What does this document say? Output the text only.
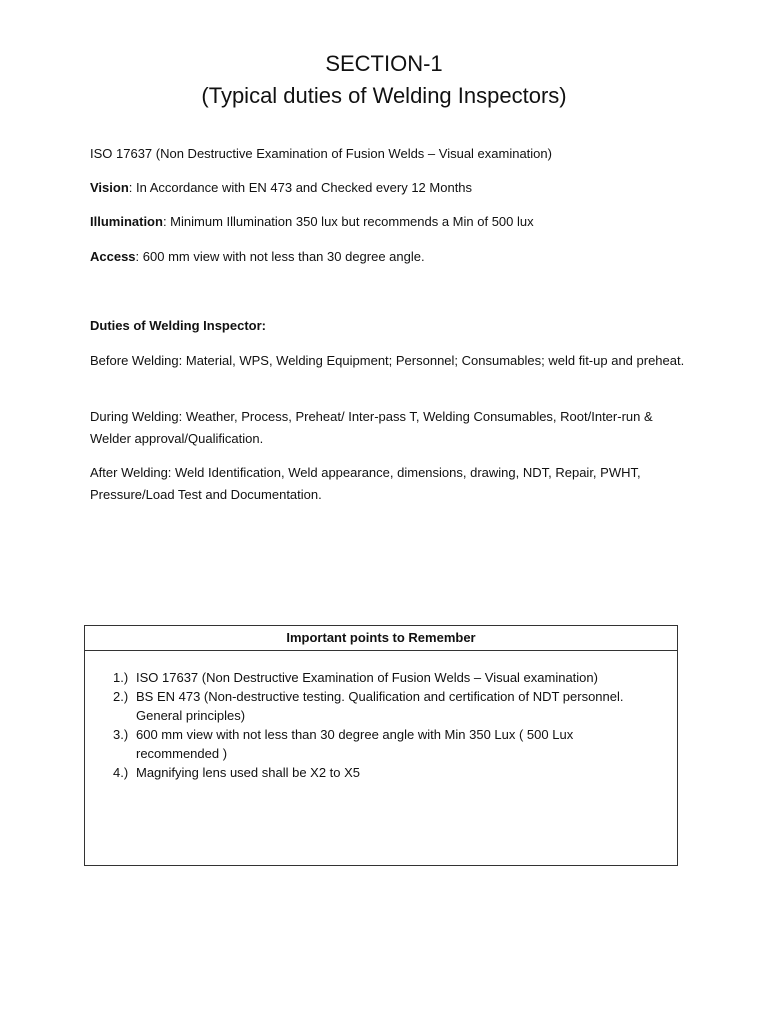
SECTION-1
(Typical duties of Welding Inspectors)
ISO 17637 (Non Destructive Examination of Fusion Welds – Visual examination)
Vision: In Accordance with EN 473 and Checked every 12 Months
Illumination: Minimum Illumination 350 lux but recommends a Min of 500 lux
Access: 600 mm view with not less than 30 degree angle.
Duties of Welding Inspector:
Before Welding: Material, WPS, Welding Equipment; Personnel; Consumables; weld fit-up and preheat.
During Welding: Weather, Process, Preheat/ Inter-pass T, Welding Consumables, Root/Inter-run & Welder approval/Qualification.
After Welding: Weld Identification, Weld appearance, dimensions, drawing, NDT, Repair, PWHT, Pressure/Load Test and Documentation.
Important points to Remember
1.) ISO 17637 (Non Destructive Examination of Fusion Welds – Visual examination)
2.) BS EN 473 (Non-destructive testing. Qualification and certification of NDT personnel. General principles)
3.) 600 mm view with not less than 30 degree angle with Min 350 Lux ( 500 Lux recommended )
4.) Magnifying lens used shall be X2 to X5
